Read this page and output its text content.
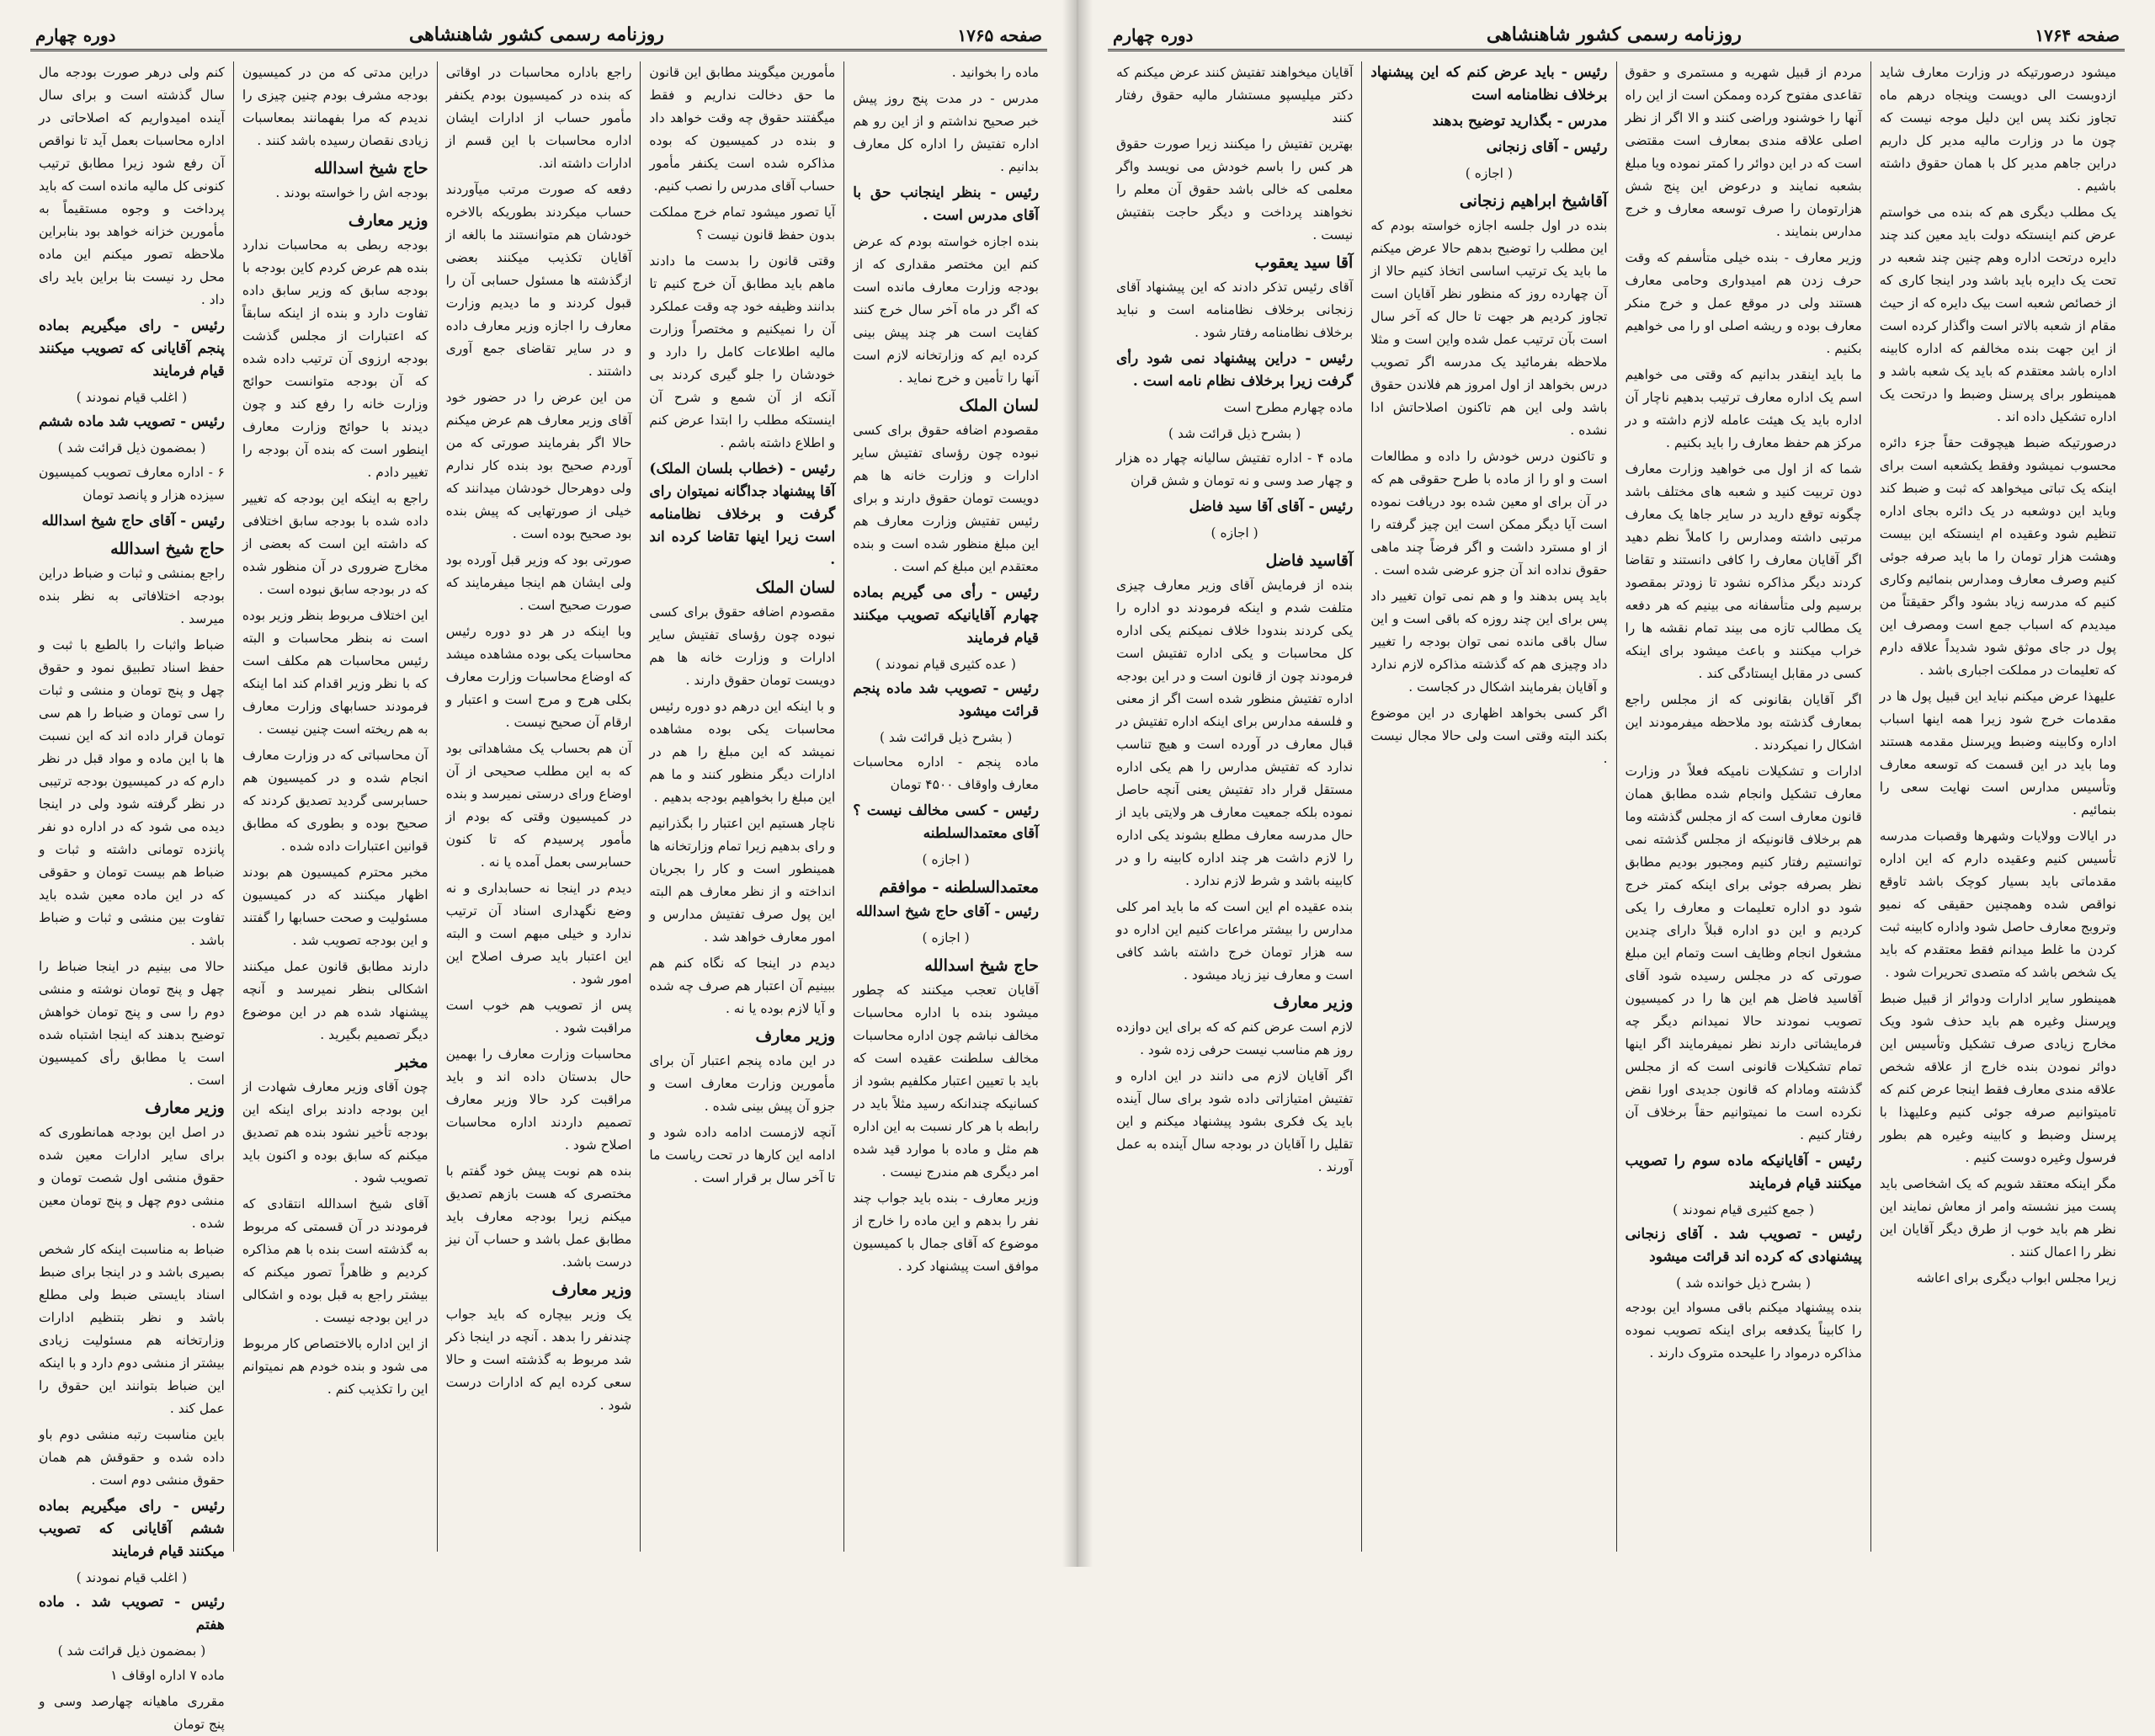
صفحه ۱۷۶۴
روزنامه رسمی کشور شاهنشاهی
دوره چهارم

میشود درصورتیکه در وزارت معارف شاید ازدوبست الی دویست وپنجاه درهم ماه تجاوز نکند پس این دلیل موجه نیست که چون ما در وزارت مالیه مدیر کل داریم دراین جاهم مدیر کل با همان حقوق داشته باشیم .

یک مطلب دیگری هم که بنده می خواستم عرض کنم اینستکه دولت باید معین کند چند دایره درتحت اداره وهم چنین چند شعبه در تحت یک دایره باید باشد ودر اینجا کاری که از خصائص شعبه است بیک دایره که از حیث مقام از شعبه بالاتر است واگذار کرده است از این جهت بنده مخالفم که اداره کابینه اداره باشد معتقدم که باید یک شعبه باشد و همینطور برای پرسنل وضبط وا درتحت یک اداره تشکیل داده اند .

درصورتیکه ضبط هیچوقت حقاً جزء دائره محسوب نمیشود وفقط یکشعبه است برای اینکه یک تباتی میخواهد که ثبت و ضبط کند وباید این دوشعبه در یک دائره بجای اداره تنظیم شود وعقیده ام اینستکه این بیست وهشت هزار تومان را ما باید صرفه جوئی کنیم وصرف معارف ومدارس بنمائیم وکاری کنیم که مدرسه زیاد بشود واگر حقیقتاً من میدیدم که اسباب جمع است ومصرف این پول در جای موثق شود شدیداً علاقه دارم که تعلیمات در مملکت اجباری باشد .

عليهذا عرض ميكنم نبايد اين قبيل پول ها در مقدمات خرج شود زیرا همه اينها اسباب اداره وکابينه وضبط وپرسنل مقدمه هستند وما باید در این قسمت که توسعه معارف وتأسيس مدارس است نهایت سعی را بنمائیم .

در ایالات وولایات وشهرها وقصبات مدرسه تأسيس کنیم وعقیده دارم که اين اداره مقدماتی باید بسیار کوچک باشد تاوقع نواقص شده وهمچنین حقیقی که نمیو وتروبج معارف حاصل شود واداره کابینه ثبت کردن ما غلط میدانم فقط معتقدم که باید یک شخص باشد که متصدی تحریرات شود .

همينطور سایر ادارات ودوائر از قبیل ضبط وپرسنل وغیره هم باید حذف شود ویک مخارج زیادی صرف تشکیل وتأسیس این دوائر نمودن بنده خارج از علاقه شخص علاقه مندی معارف فقط اینجا عرض کنم که تاميتوانيم صرفه جوئی کنیم وعليهذا با پرسنل وضبط و کابينه وغيره هم بطور فرسول وغیره دوست کنیم .

مگر اینکه معتقد شویم که یک اشخاصی باید پست میز نشسته وامر از معاش نمایند این نظر هم باید خوب از طرق دیگر آقایان این نظر را اعمال کنند .

زیرا مجلس ابواب دیگری برای اعاشه

مردم از قبیل شهریه و مستمری و حقوق تقاعدی مفتوح کرده وممکن است از این راه آنها را خوشنود وراضی کنند و الا اگر از نظر اصلی علاقه مندی بمعارف است مقتضی است که در این دوائر را کمتر نموده ویا مبلغ بشعبه نمایند و درعوض این پنج شش هزارتومان را صرف توسعه معارف و خرج مدارس بنمایند .

وزیر معارف - بنده خیلی متأسفم که وقت حرف زدن هم امیدواری وحامی معارف هستند ولی در موقع عمل و خرج منکر معارف بوده و ریشه اصلی او را می خواهیم بکنیم .

ما باید اینقدر بدانیم که وقتی می خواهیم اسم یک اداره معارف ترتیب بدهیم ناچار آن اداره باید یک هیئت عامله لازم داشته و در مرکز هم حفظ معارف را باید بکنیم .

شما که از اول می خواهید وزارت معارف دون تربیت کنید و شعبه های مختلف باشد چگونه توقع دارید در سایر جاها یک معارف مرتبی داشته ومدارس را کاملاً نظم دهید اگر آقایان معارف را کافی دانستند و تقاضا کردند دیگر مذاکره نشود تا زودتر بمقصود برسیم ولی متأسفانه می بینیم که هر دفعه یک مطالب تازه می بیند تمام نقشه ها را خراب میکنند و باعث میشود برای اینکه کسی در مقابل ایستادگی کند .

اگر آقایان بقانونی که از مجلس راجع بمعارف گذشته بود ملاحظه میفرمودند این اشکال را نمیکردند .

ادارات و تشکیلات نامیکه فعلاً در وزارت معارف تشکیل وانجام شده مطابق همان قانون معارف است که از مجلس گذشته وما هم برخلاف قانونیکه از مجلس گذشته نمی توانستیم رفتار کنیم ومجبور بودیم مطابق نظر بصرفه جوئی برای اینکه کمتر خرج شود دو اداره تعلیمات و معارف را یکی کردیم و این دو اداره قبلاً دارای چندین مشغول انجام وظایف است وتمام این مبلغ صورتی که در مجلس رسیده شود آقای آقاسید فاضل هم این ها را در کمیسیون تصویب نمودند حالا نمیدانم دیگر چه فرمایشاتی دارند نظر نمیفرمایند اگر اینها تمام تشکیلات قانونی است که از مجلس گذشته ومادام که قانون جدیدی اورا نقض نکرده است ما نمیتوانیم حقاً برخلاف آن رفتار کنیم .

رئیس - آقایانیکه ماده سوم را تصویب میکنند قیام فرمایند

( جمع کثیری قیام نمودند )

رئیس - تصویب شد . آقای زنجانی پیشنهادی که کرده اند قرائت میشود

( بشرح ذیل خوانده شد )

بنده پیشنهاد میکنم باقی مسواد این بودجه را کابیناً یکدفعه برای اینکه تصویب نموده مذاکره درمواد را علیحده متروک دارند .

رئیس - باید عرض کنم که این پیشنهاد برخلاف نظامنامه است

مدرس - بگذارید توضیح بدهند

رئیس - آقای زنجانی

( اجازه )
آقاشیخ ابراهیم زنجانی

بنده در اول جلسه اجازه خواسته بودم که این مطلب را توضیح بدهم حالا عرض میکنم ما باید یک ترتیب اساسی اتخاذ کنیم حالا از آن چهارده روز که منظور نظر آقایان است تجاوز کردیم هر جهت تا حال که آخر سال است بآن ترتیب عمل شده واین است و مثلا ملاحظه بفرمائید یک مدرسه اگر تصویب درس بخواهد از اول امروز هم فلاندن حقوق باشد ولی این هم تاکنون اصلاحاتش ادا نشده .

و تاکنون درس خودش را داده و مطالعات است و او را از ماده با طرح حقوقی هم که در آن برای او معین شده بود دریافت نموده است آیا دیگر ممکن است این چیز گرفته را از او مسترد داشت و اگر فرضاً چند ماهی حقوق نداده اند آن جزو عرضی شده است .

باید پس بدهند وا و هم نمی توان تغییر داد پس برای این چند روزه که باقی است و این سال باقی مانده نمی توان بودجه را تغییر داد وچیزی هم که گذشته مذاکره لازم ندارد و آقایان بفرمایند اشکال در کجاست .

اگر کسی بخواهد اظهاری در این موضوع بکند البته وقتی است ولی حالا مجال نیست .

آقایان میخواهند تفتیش کنند عرض میکنم که دکتر میلیسپو مستشار مالیه حقوق رفتار کنند

بهترین تفتیش را میکنند زیرا صورت حقوق هر کس را باسم خودش می نویسد واگر معلمی که خالی باشد حقوق آن معلم را نخواهند پرداخت و دیگر حاجت بتفتیش نیست .

آقا سید یعقوب

آقای رئیس تذکر دادند که این پیشنهاد آقای زنجانی برخلاف نظامنامه است و نباید برخلاف نظامنامه رفتار شود .

رئیس - دراین پیشنهاد نمی شود رأی گرفت زیرا برخلاف نظام نامه است .

ماده چهارم مطرح است

( بشرح ذیل قرائت شد )

ماده ۴ - اداره تفتیش سالیانه چهار ده هزار و چهار صد وسی و نه تومان و شش قران

رئیس - آقای آقا سید فاضل

( اجازه )
آقاسید فاضل

بنده از فرمایش آقای وزیر معارف چیزی متلفت شدم و اینکه فرمودند دو اداره را یکی کردند بندودا خلاف نمیکنم یکی اداره کل محاسبات و یکی اداره تفتیش است فرمودند چون از قانون است و در این بودجه اداره تفتیش منظور شده است اگر از معنی و فلسفه مدارس برای اینکه اداره تفتیش در قبال معارف در آورده است و هیچ تناسب ندارد که تفتیش مدارس را هم یکی اداره مستقل قرار داد تفتیش یعنی آنچه حاصل نموده بلکه جمعیت معارف هر ولایتی باید از حال مدرسه معارف مطلع بشوند یکی اداره را لازم داشت هر چند اداره کابینه را و در کابینه باشد و شرط لازم ندارد .

بنده عقیده ام این است که ما باید امر کلی مدارس را بیشتر مراعات کنیم این اداره دو سه هزار تومان خرج داشته باشد کافی است و معارف نیز زیاد میشود .

وزیر معارف

لازم است عرض کنم که که برای این دوازده روز هم مناسب نیست حرفی زده شود .

اگر آقایان لازم می دانند در این اداره و تفتیش امتیازاتی داده شود برای سال آینده باید یک فکری بشود پیشنهاد میکنم و این تقلیل را آقایان در بودجه سال آینده به عمل آورند .

صفحه ۱۷۶۵
روزنامه رسمی کشور شاهنشاهی
دوره چهارم

ماده را بخوانید .

مدرس - در مدت پنج روز پیش خبر صحیح نداشتم و از این رو هم اداره تفتیش را اداره کل معارف بدانیم .

رئیس - بنظر اینجانب حق با آقای مدرس است .

بنده اجازه خواسته بودم که عرض کنم این مختصر مقداری که از بودجه وزارت معارف مانده است که اگر در ماه آخر سال خرج کنند کفایت است هر چند پیش بینی کرده ایم که وزارتخانه لازم است آنها را تأمین و خرج نماید .

لسان الملک

مقصودم اضافه حقوق برای کسی نبوده چون رؤسای تفتیش سایر ادارات و وزارت خانه ها هم دویست تومان حقوق دارند و برای رئیس تفتیش وزارت معارف هم این مبلغ منظور شده است و بنده معتقدم این مبلغ کم است .

رئیس - رأی می گیریم بماده چهارم آقایانیکه تصویب میکنند قیام فرمایند

( عده کثیری قیام نمودند )

رئیس - تصویب شد ماده پنجم قرائت میشود

( بشرح ذیل قرائت شد )

ماده پنجم - اداره محاسبات معارف واوقاف ۴۵۰۰ تومان

رئیس - کسی مخالف نیست ؟ آقای معتمدالسلطنه

( اجازه )
معتمدالسلطنه - موافقم

رئیس - آقای حاج شیخ اسدالله

( اجازه )
حاج شیخ اسدالله

آقایان تعجب میکنند که چطور میشود بنده با اداره محاسبات مخالف نباشم چون اداره محاسبات مخالف سلطنت عقیده است که باید با تعیین اعتبار مکلفیم بشود از کسانیکه چندانکه رسید مثلاً باید در رابطه با هر کار نسبت به این اداره هم مثل و ماده با موارد قید شده امر دیگری هم مندرج نیست .

وزیر معارف - بنده باید جواب چند نفر را بدهم و این ماده را خارج از موضوع که آقای جمال با کمیسیون موافق است پیشنهاد کرد .

مأمورین میگویند مطابق این قانون ما حق دخالت نداریم و فقط میگفتند حقوق چه وقت خواهد داد و بنده در کمیسیون که بوده مذاکره شده است یکنفر مأمور حساب آقای مدرس را نصب کنیم.

آیا تصور میشود تمام خرج مملکت بدون حفظ قانون نیست ؟

وقتی قانون را بدست ما دادند ماهم باید مطابق آن خرج کنیم تا بدانند وظیفه خود چه وقت عملکرد آن را نمیکنیم و مختصراً وزارت مالیه اطلاعات کامل را دارد و خودشان را جلو گیری کردند بی آنکه از آن شمع و شرح آن اینستکه مطلب را ابتدا عرض کنم و اطلاع داشته باشم .

رئیس - (خطاب بلسان الملک) آقا پیشنهاد جداگانه نمیتوان رای گرفت و برخلاف نظامنامه است زیرا اینها تقاضا کرده اند .

لسان الملک

مقصودم اضافه حقوق برای کسی نبوده چون رؤسای تفتیش سایر ادارات و وزارت خانه ها هم دویست تومان حقوق دارند .

و با اینکه این درهم دو دوره رئیس محاسبات یکی بوده مشاهده نمیشد که این مبلغ را هم در ادارات دیگر منظور کنند و ما هم این مبلغ را بخواهیم بودجه بدهیم .

ناچار هستیم این اعتبار را بگذرانیم و رای بدهیم زیرا تمام وزارتخانه ها همینطور است و کار را بجریان انداخته و از نظر معارف هم البته این پول صرف تفتیش مدارس و امور معارف خواهد شد .

دیدم در اینجا که نگاه کنم هم ببینیم آن اعتبار هم صرف چه شده و آیا لازم بوده یا نه .

وزیر معارف

در این ماده پنجم اعتبار آن برای مأمورین وزارت معارف است و جزو آن پیش بینی شده .

آنچه لازمست ادامه داده شود و ادامه این کارها در تحت ریاست ما تا آخر سال بر قرار است .

راجع باداره محاسبات در اوقاتی که بنده در کمیسیون بودم یکنفر مأمور حساب از ادارات ایشان اداره محاسبات با این قسم از ادارات داشته اند.

دفعه که صورت مرتب میآوردند حساب میکردند بطوریکه بالاخره خودشان هم متوانستند ما بالغه از آقایان تکذیب میکنند بعضی ازگذشته ها مسئول حسابی آن را قبول کردند و ما دیدیم وزارت معارف را اجازه وزیر معارف داده و در سایر تقاضای جمع آوری داشتند .

من این عرض را در حضور خود آقای وزیر معارف هم عرض میکنم حالا اگر بفرمایند صورتی که من آوردم صحیح بود بنده کار ندارم ولی دوهرحال خودشان میدانند که خیلی از صورتهایی که پیش بنده بود صحیح بوده است .

صورتی بود که وزیر قبل آورده بود ولی ایشان هم اینجا میفرمایند که صورت صحیح است .

وبا اینکه در هر دو دوره رئیس محاسبات یکی بوده مشاهده میشد که اوضاع محاسبات وزارت معارف بکلی هرج و مرج است و اعتبار و ارقام آن صحیح نیست .

آن هم بحساب یک مشاهداتی بود که به این مطلب صحیحی از آن اوضاع ورای درستی نمیرسد و بنده در کمیسیون وقتی که بودم از مأمور پرسیدم که تا کنون حسابرسی بعمل آمده یا نه .

دیدم در اینجا نه حسابداری و نه وضع نگهداری اسناد آن ترتیب ندارد و خیلی مبهم است و البته این اعتبار باید صرف اصلاح این امور شود .

پس از تصویب هم خوب است مراقبت شود .

محاسبات وزارت معارف را بهمین حال بدستان داده اند و باید مراقبت کرد حالا وزیر معارف تصمیم داردند اداره محاسبات اصلاح شود .

بنده هم نوبت پیش خود گفتم با مختصری که هست بازهم تصدیق میکنم زیرا بودجه معارف باید مطابق عمل باشد و حساب آن نیز درست باشد.

وزیر معارف

یک وزیر بیچاره که باید جواب چندنفر را بدهد . آنچه در اینجا ذکر شد مربوط به گذشته است و حالا سعی کرده ایم که ادارات درست شود .

دراین مدتی که من در کمیسیون بودجه مشرف بودم چنین چیزی را ندیدم که مرا بفهمانند بمعاسبات زیادی نقصان رسیده باشد کنند .

حاج شیخ اسدالله

بودجه اش را خواسته بودند .

وزیر معارف

بودجه ربطی به محاسبات ندارد بنده هم عرض کردم کاین بودجه با بودجه سابق که وزیر سابق داده تفاوت دارد و بنده از اینکه سابقاً که اعتبارات از مجلس گذشت بودجه ارزوی آن ترتیب داده شده که آن بودجه متوانست حوائج وزارت خانه را رفع کند و چون دیدند با حوائج وزارت معارف اینطور است که بنده آن بودجه را تغییر دادم .

راجع به اینکه این بودجه که تغییر داده شده با بودجه سابق اختلافی که داشته این است که بعضی از مخارج ضروری در آن منظور شده که در بودجه سابق نبوده است .

این اختلاف مربوط بنظر وزیر بوده است نه بنظر محاسبات و البته رئیس محاسبات هم مکلف است که با نظر وزیر اقدام کند اما اینکه فرمودند حسابهای وزارت معارف به هم ریخته است چنین نیست .

آن محاسباتی که در وزارت معارف انجام شده و در کمیسیون هم حسابرسی گردید تصدیق کردند که صحیح بوده و بطوری که مطابق قوانین اعتبارات داده شده .

مخبر محترم کمیسیون هم بودند اظهار میکنند که در کمیسیون مسئولیت و صحت حسابها را گفتند و این بودجه تصویب شد .

دارند مطابق قانون عمل میکنند اشکالی بنظر نمیرسد و آنچه پیشنهاد شده هم در این موضوع دیگر تصمیم بگیرید .

مخبر

چون آقای وزیر معارف شهادت از این بودجه دادند برای اینکه این بودجه تأخیر نشود بنده هم تصدیق میکنم که سابق بوده و اکنون باید تصویب شود .

آقای شیخ اسدالله انتقادی که فرمودند در آن قسمتی که مربوط به گذشته است بنده با هم مذاکره کردیم و ظاهراً تصور میکنم که بیشتر راجع به قبل بوده و اشکالی در این بودجه نیست .

از این اداره بالاختصاص کار مربوط می شود و بنده خودم هم نمیتوانم این را تکذیب کنم .

کنم ولی درهر صورت بودجه مال سال گذشته است و برای سال آینده امیدواریم که اصلاحاتی در اداره محاسبات بعمل آید تا نواقص آن رفع شود زیرا مطابق ترتیب کنونی کل مالیه مانده است که باید پرداخت و وجوه مستقیماً به مأمورین خزانه خواهد بود بنابراین ملاحظه تصور میکنم این ماده محل رد نیست بنا براین باید رای داد .

رئیس - رای میگیریم بماده پنجم آقایانی که تصویب میکنند قیام فرمایند

( اغلب قیام نمودند )

رئیس - تصویب شد ماده ششم

( بمضمون ذیل قرائت شد )

۶ - اداره معارف تصویب کمیسیون سیزده هزار و پانصد تومان

رئیس - آقای حاج شیخ اسدالله

حاج شیخ اسدالله

راجع بمنشی و ثبات و ضباط دراین بودجه اختلافاتی به نظر بنده میرسد .

ضباط واثبات را بالطبع با ثبت و حفظ اسناد تطبیق نمود و حقوق چهل و پنج تومان و منشی و ثبات را سی تومان و ضباط را هم سی تومان قرار داده اند که این نسبت ها با این ماده و مواد قبل در نظر دارم که در کمیسیون بودجه ترتیبی در نظر گرفته شود ولی در اینجا دیده می شود که در اداره دو نفر پانزده تومانی داشته و ثبات و ضباط هم بیست تومان و حقوقی که در این ماده معین شده باید تفاوت بین منشی و ثبات و ضباط باشد .

حالا می بینیم در اینجا ضباط را چهل و پنج تومان نوشته و منشی دوم را سی و پنج تومان خواهش توضیح بدهند که اینجا اشتباه شده است یا مطابق رأی کمیسیون است .

وزیر معارف

در اصل این بودجه همانطوری که برای سایر ادارات معین شده حقوق منشی اول شصت تومان و منشی دوم چهل و پنج تومان معین شده .

ضباط به مناسبت اینکه کار شخص بصیری باشد و در اینجا برای ضبط اسناد بایستی ضبط ولی مطلع باشد و نظر بتنظیم ادارات وزارتخانه هم مسئولیت زیادی بیشتر از منشی دوم دارد و با اینکه این ضباط بتوانند این حقوق را عمل کند .

باین مناسبت رتبه منشی دوم باو داده شده و حقوقش هم همان حقوق منشی دوم است .

رئیس - رای میگیریم بماده ششم آقایانی که تصویب میکنند قیام فرمایند

( اغلب قیام نمودند )

رئیس - تصویب شد . ماده هفتم

( بمضمون ذیل قرائت شد )

ماده ۷ اداره اوقاف ۱

مقرری ماهیانه چهارصد وسی و پنج تومان
